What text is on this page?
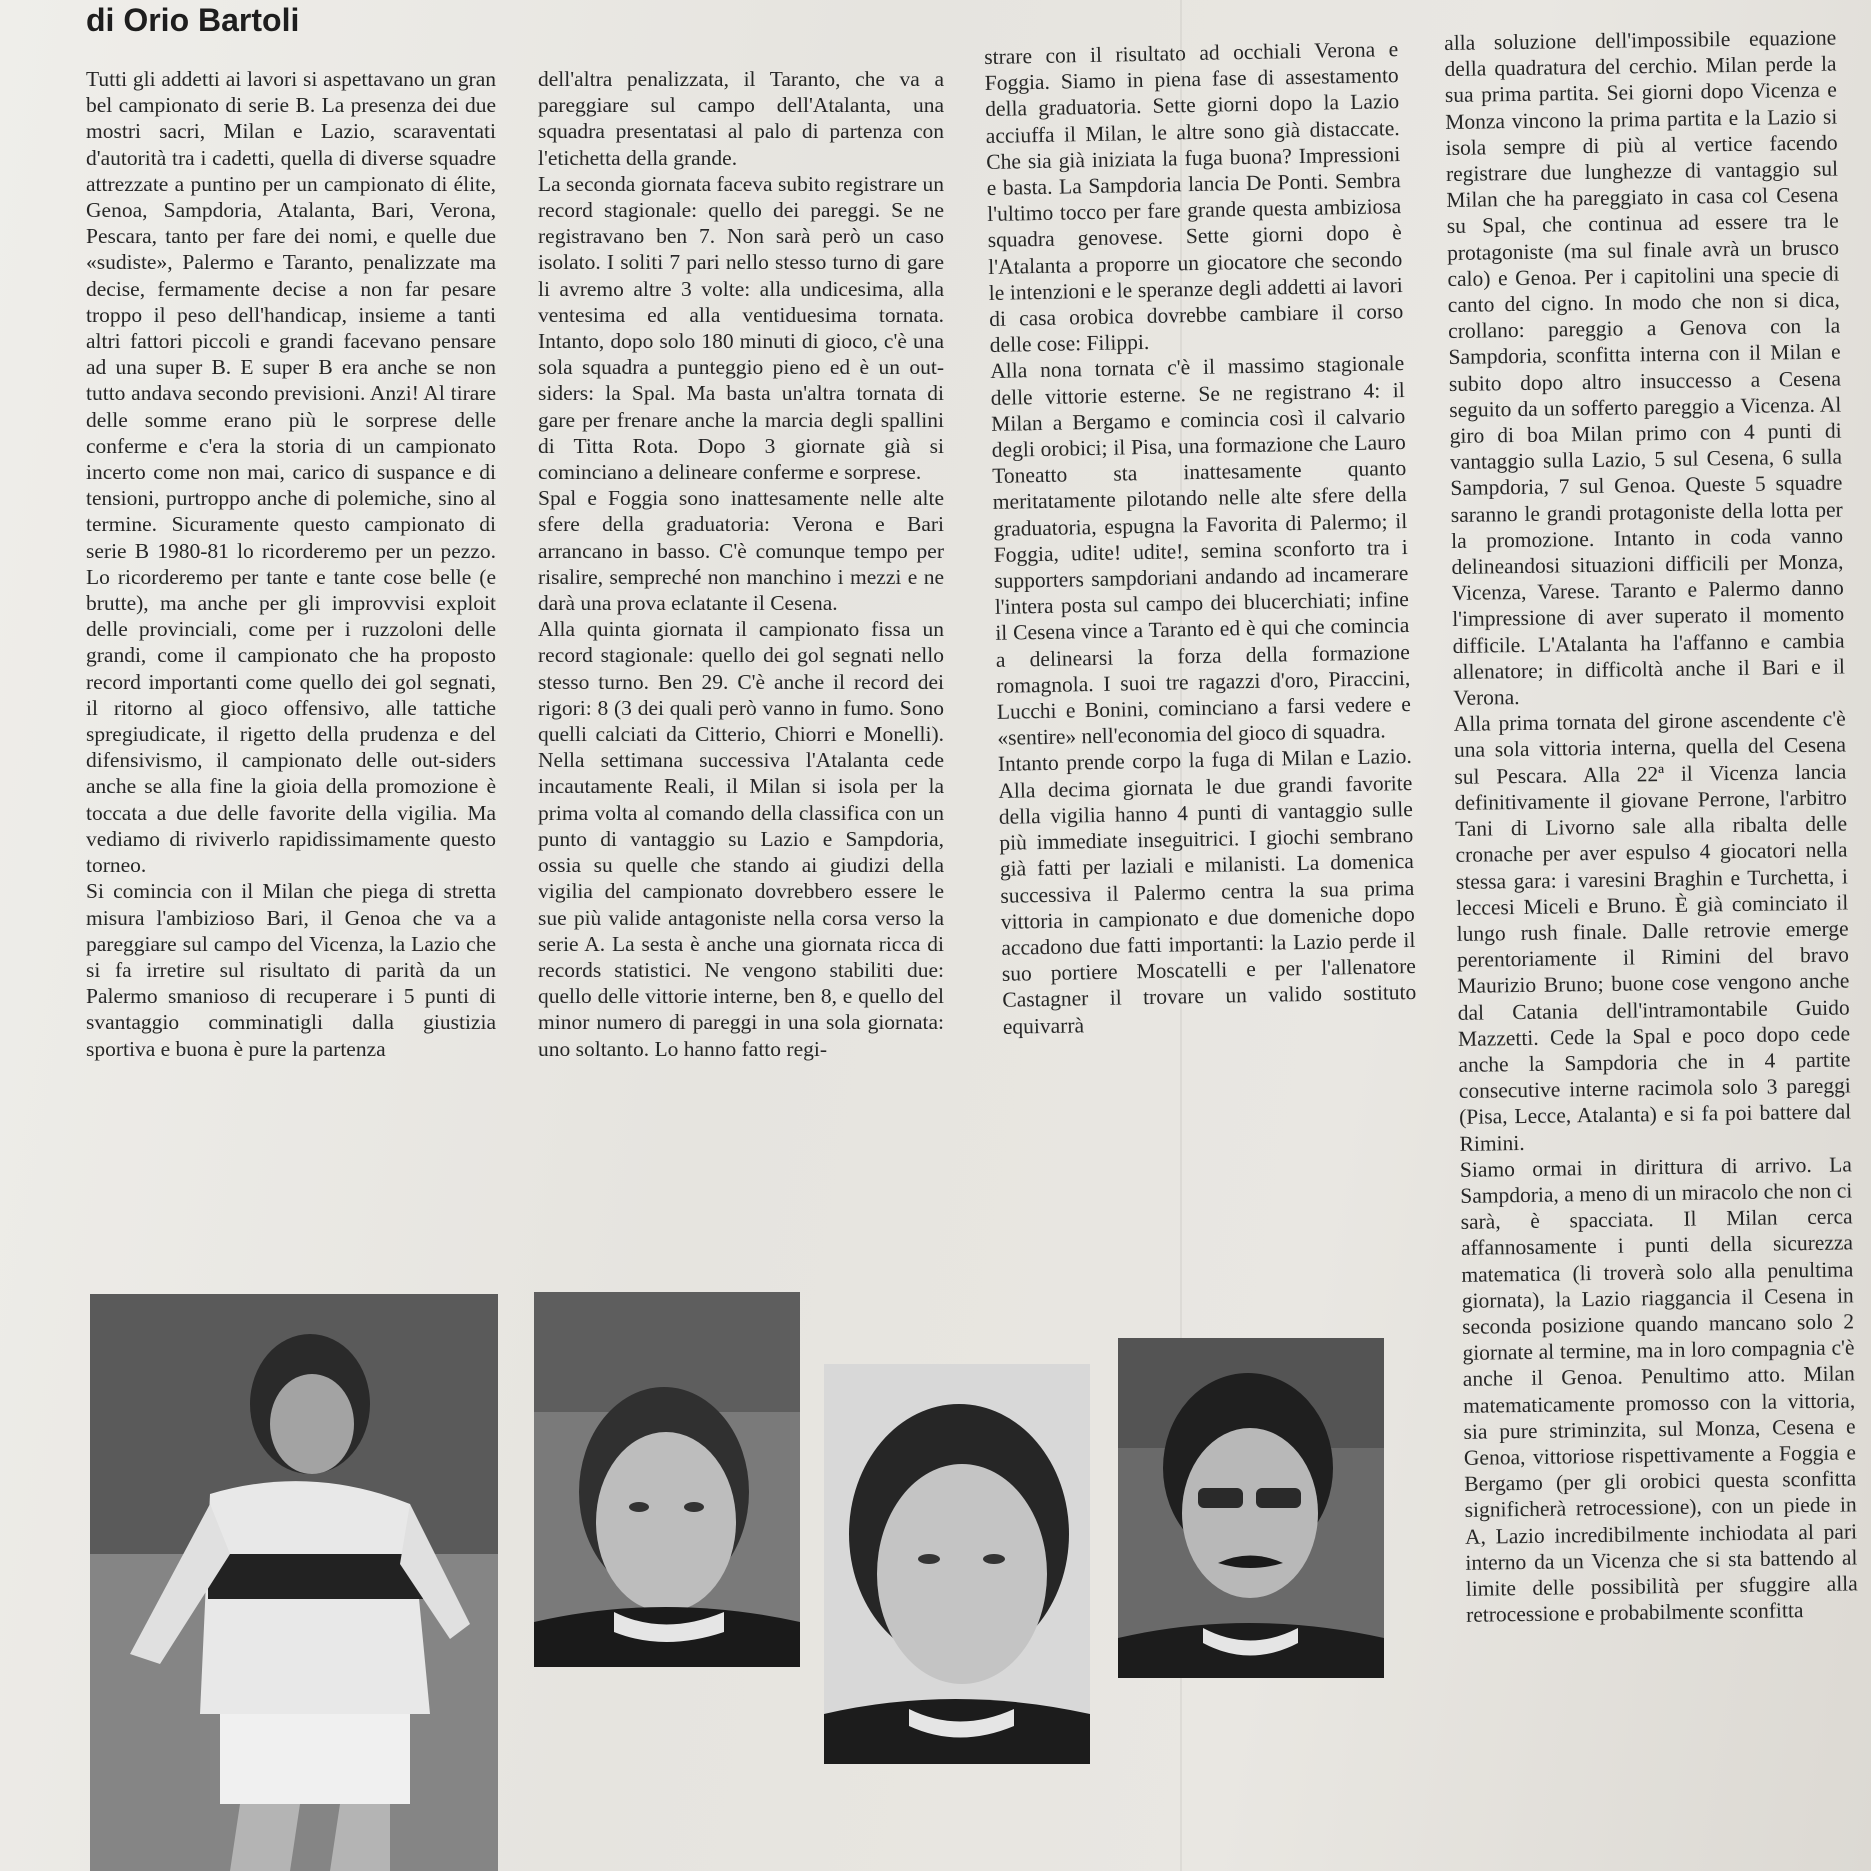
di Orio Bartoli

Tutti gli addetti ai lavori si aspettavano un gran bel campionato di serie B. La presenza dei due mostri sacri, Milan e Lazio, scaraventati d'autorità tra i cadetti, quella di diverse squadre attrezzate a puntino per un campionato di élite, Genoa, Sampdoria, Atalanta, Bari, Verona, Pescara, tanto per fare dei nomi, e quelle due «sudiste», Palermo e Taranto, penalizzate ma decise, fermamente decise a non far pesare troppo il peso dell'handicap, insieme a tanti altri fattori piccoli e grandi facevano pensare ad una super B. E super B era anche se non tutto andava secondo previsioni. Anzi! Al tirare delle somme erano più le sorprese delle conferme e c'era la storia di un campionato incerto come non mai, carico di suspance e di tensioni, purtroppo anche di polemiche, sino al termine. Sicuramente questo campionato di serie B 1980-81 lo ricorderemo per un pezzo. Lo ricorderemo per tante e tante cose belle (e brutte), ma anche per gli improvvisi exploit delle provinciali, come per i ruzzoloni delle grandi, come il campionato che ha proposto record importanti come quello dei gol segnati, il ritorno al gioco offensivo, alle tattiche spregiudicate, il rigetto della prudenza e del difensivismo, il campionato delle out-siders anche se alla fine la gioia della promozione è toccata a due delle favorite della vigilia. Ma vediamo di riviverlo rapidissimamente questo torneo.

Si comincia con il Milan che piega di stretta misura l'ambizioso Bari, il Genoa che va a pareggiare sul campo del Vicenza, la Lazio che si fa irretire sul risultato di parità da un Palermo smanioso di recuperare i 5 punti di svantaggio comminatigli dalla giustizia sportiva e buona è pure la partenza

dell'altra penalizzata, il Taranto, che va a pareggiare sul campo dell'Atalanta, una squadra presentatasi al palo di partenza con l'etichetta della grande.

La seconda giornata faceva subito registrare un record stagionale: quello dei pareggi. Se ne registravano ben 7. Non sarà però un caso isolato. I soliti 7 pari nello stesso turno di gare li avremo altre 3 volte: alla undicesima, alla ventesima ed alla ventiduesima tornata. Intanto, dopo solo 180 minuti di gioco, c'è una sola squadra a punteggio pieno ed è un out-siders: la Spal. Ma basta un'altra tornata di gare per frenare anche la marcia degli spallini di Titta Rota. Dopo 3 giornate già si cominciano a delineare conferme e sorprese.

Spal e Foggia sono inattesamente nelle alte sfere della graduatoria: Verona e Bari arrancano in basso. C'è comunque tempo per risalire, sempreché non manchino i mezzi e ne darà una prova eclatante il Cesena.

Alla quinta giornata il campionato fissa un record stagionale: quello dei gol segnati nello stesso turno. Ben 29. C'è anche il record dei rigori: 8 (3 dei quali però vanno in fumo. Sono quelli calciati da Citterio, Chiorri e Monelli). Nella settimana successiva l'Atalanta cede incautamente Reali, il Milan si isola per la prima volta al comando della classifica con un punto di vantaggio su Lazio e Sampdoria, ossia su quelle che stando ai giudizi della vigilia del campionato dovrebbero essere le sue più valide antagoniste nella corsa verso la serie A. La sesta è anche una giornata ricca di records statistici. Ne vengono stabiliti due: quello delle vittorie interne, ben 8, e quello del minor numero di pareggi in una sola giornata: uno soltanto. Lo hanno fatto regi-

strare con il risultato ad occhiali Verona e Foggia. Siamo in piena fase di assestamento della graduatoria. Sette giorni dopo la Lazio acciuffa il Milan, le altre sono già distaccate. Che sia già iniziata la fuga buona? Impressioni e basta. La Sampdoria lancia De Ponti. Sembra l'ultimo tocco per fare grande questa ambiziosa squadra genovese. Sette giorni dopo è l'Atalanta a proporre un giocatore che secondo le intenzioni e le speranze degli addetti ai lavori di casa orobica dovrebbe cambiare il corso delle cose: Filippi.

Alla nona tornata c'è il massimo stagionale delle vittorie esterne. Se ne registrano 4: il Milan a Bergamo e comincia così il calvario degli orobici; il Pisa, una formazione che Lauro Toneatto sta inattesamente quanto meritatamente pilotando nelle alte sfere della graduatoria, espugna la Favorita di Palermo; il Foggia, udite! udite!, semina sconforto tra i supporters sampdoriani andando ad incamerare l'intera posta sul campo dei blucerchiati; infine il Cesena vince a Taranto ed è qui che comincia a delinearsi la forza della formazione romagnola. I suoi tre ragazzi d'oro, Piraccini, Lucchi e Bonini, cominciano a farsi vedere e «sentire» nell'economia del gioco di squadra.

Intanto prende corpo la fuga di Milan e Lazio. Alla decima giornata le due grandi favorite della vigilia hanno 4 punti di vantaggio sulle più immediate inseguitrici. I giochi sembrano già fatti per laziali e milanisti. La domenica successiva il Palermo centra la sua prima vittoria in campionato e due domeniche dopo accadono due fatti importanti: la Lazio perde il suo portiere Moscatelli e per l'allenatore Castagner il trovare un valido sostituto equivarrà

alla soluzione dell'impossibile equazione della quadratura del cerchio. Milan perde la sua prima partita. Sei giorni dopo Vicenza e Monza vincono la prima partita e la Lazio si isola sempre di più al vertice facendo registrare due lunghezze di vantaggio sul Milan che ha pareggiato in casa col Cesena su Spal, che continua ad essere tra le protagoniste (ma sul finale avrà un brusco calo) e Genoa. Per i capitolini una specie di canto del cigno. In modo che non si dica, crollano: pareggio a Genova con la Sampdoria, sconfitta interna con il Milan e subito dopo altro insuccesso a Cesena seguito da un sofferto pareggio a Vicenza. Al giro di boa Milan primo con 4 punti di vantaggio sulla Lazio, 5 sul Cesena, 6 sulla Sampdoria, 7 sul Genoa. Queste 5 squadre saranno le grandi protagoniste della lotta per la promozione. Intanto in coda vanno delineandosi situazioni difficili per Monza, Vicenza, Varese. Taranto e Palermo danno l'impressione di aver superato il momento difficile. L'Atalanta ha l'affanno e cambia allenatore; in difficoltà anche il Bari e il Verona.

Alla prima tornata del girone ascendente c'è una sola vittoria interna, quella del Cesena sul Pescara. Alla 22ª il Vicenza lancia definitivamente il giovane Perrone, l'arbitro Tani di Livorno sale alla ribalta delle cronache per aver espulso 4 giocatori nella stessa gara: i varesini Braghin e Turchetta, i leccesi Miceli e Bruno. È già cominciato il lungo rush finale. Dalle retrovie emerge perentoriamente il Rimini del bravo Maurizio Bruno; buone cose vengono anche dal Catania dell'intramontabile Guido Mazzetti. Cede la Spal e poco dopo cede anche la Sampdoria che in 4 partite consecutive interne racimola solo 3 pareggi (Pisa, Lecce, Atalanta) e si fa poi battere dal Rimini.

Siamo ormai in dirittura di arrivo. La Sampdoria, a meno di un miracolo che non ci sarà, è spacciata. Il Milan cerca affannosamente i punti della sicurezza matematica (li troverà solo alla penultima giornata), la Lazio riaggancia il Cesena in seconda posizione quando mancano solo 2 giornate al termine, ma in loro compagnia c'è anche il Genoa. Penultimo atto. Milan matematicamente promosso con la vittoria, sia pure striminzita, sul Monza, Cesena e Genoa, vittoriose rispettivamente a Foggia e Bergamo (per gli orobici questa sconfitta significherà retrocessione), con un piede in A, Lazio incredibilmente inchiodata al pari interno da un Vicenza che si sta battendo al limite delle possibilità per sfuggire alla retrocessione e probabilmente sconfitta
